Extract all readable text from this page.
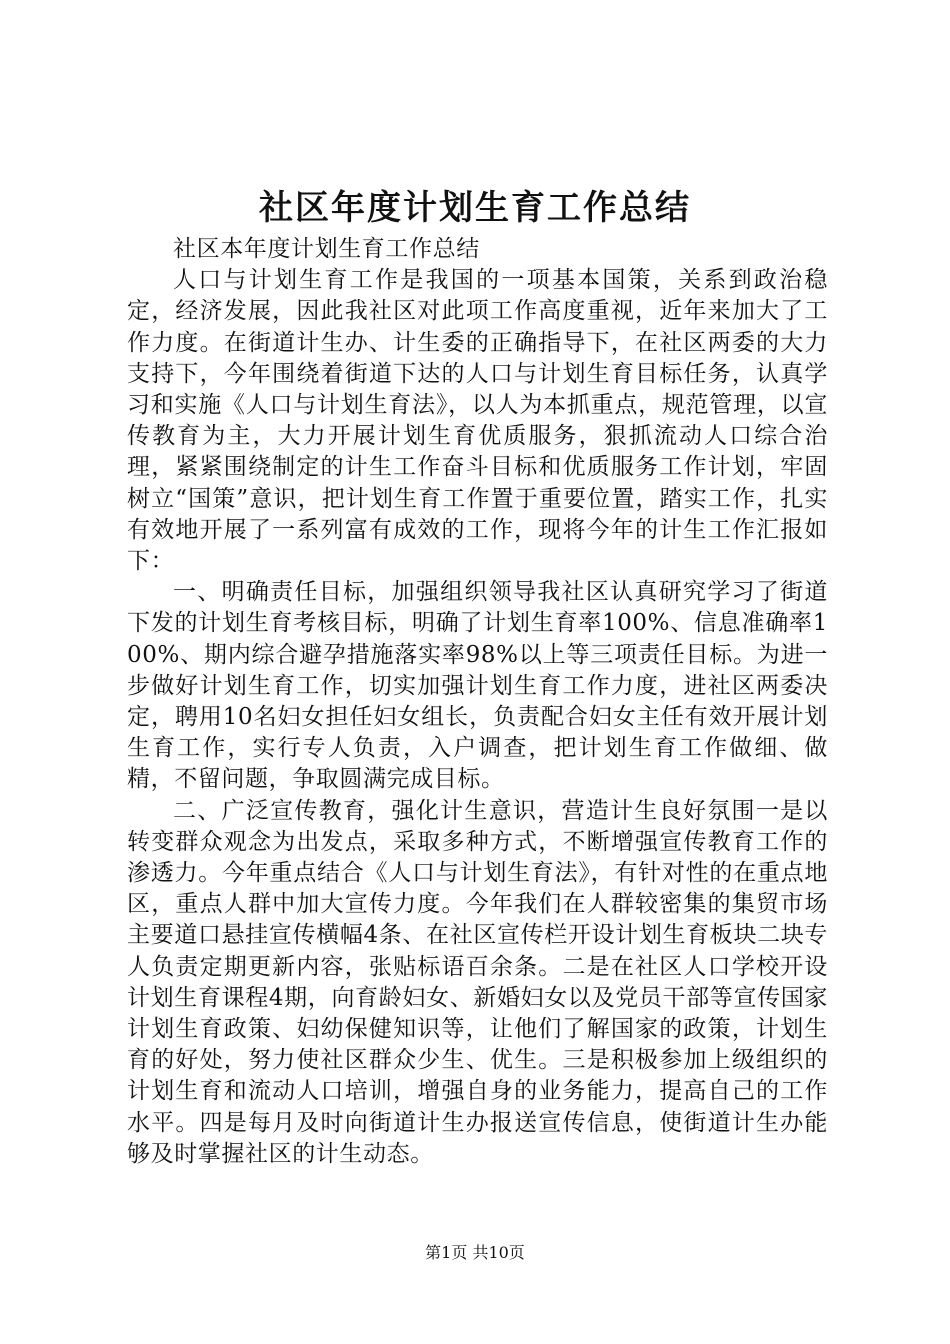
社区年度计划生育工作总结

社区本年度计划生育工作总结

人口与计划生育工作是我国的一项基本国策，关系到政治稳定，经济发展，因此我社区对此项工作高度重视，近年来加大了工作力度。在街道计生办、计生委的正确指导下，在社区两委的大力支持下，今年围绕着街道下达的人口与计划生育目标任务，认真学习和实施《人口与计划生育法》，以人为本抓重点，规范管理，以宣传教育为主，大力开展计划生育优质服务，狠抓流动人口综合治理，紧紧围绕制定的计生工作奋斗目标和优质服务工作计划，牢固树立“国策”意识，把计划生育工作置于重要位置，踏实工作，扎实有效地开展了一系列富有成效的工作，现将今年的计生工作汇报如下：

一、明确责任目标，加强组织领导我社区认真研究学习了街道下发的计划生育考核目标，明确了计划生育率100%、信息准确率100%、期内综合避孕措施落实率98%以上等三项责任目标。为进一步做好计划生育工作，切实加强计划生育工作力度，进社区两委决定，聘用10名妇女担任妇女组长，负责配合妇女主任有效开展计划生育工作，实行专人负责，入户调查，把计划生育工作做细、做精，不留问题，争取圆满完成目标。

二、广泛宣传教育，强化计生意识，营造计生良好氛围一是以转变群众观念为出发点，采取多种方式，不断增强宣传教育工作的渗透力。今年重点结合《人口与计划生育法》，有针对性的在重点地区，重点人群中加大宣传力度。今年我们在人群较密集的集贸市场主要道口悬挂宣传横幅4条、在社区宣传栏开设计划生育板块二块专人负责定期更新内容，张贴标语百余条。二是在社区人口学校开设计划生育课程4期，向育龄妇女、新婚妇女以及党员干部等宣传国家计划生育政策、妇幼保健知识等，让他们了解国家的政策，计划生育的好处，努力使社区群众少生、优生。三是积极参加上级组织的计划生育和流动人口培训，增强自身的业务能力，提高自己的工作水平。四是每月及时向街道计生办报送宣传信息，使街道计生办能够及时掌握社区的计生动态。

第1页 共10页
